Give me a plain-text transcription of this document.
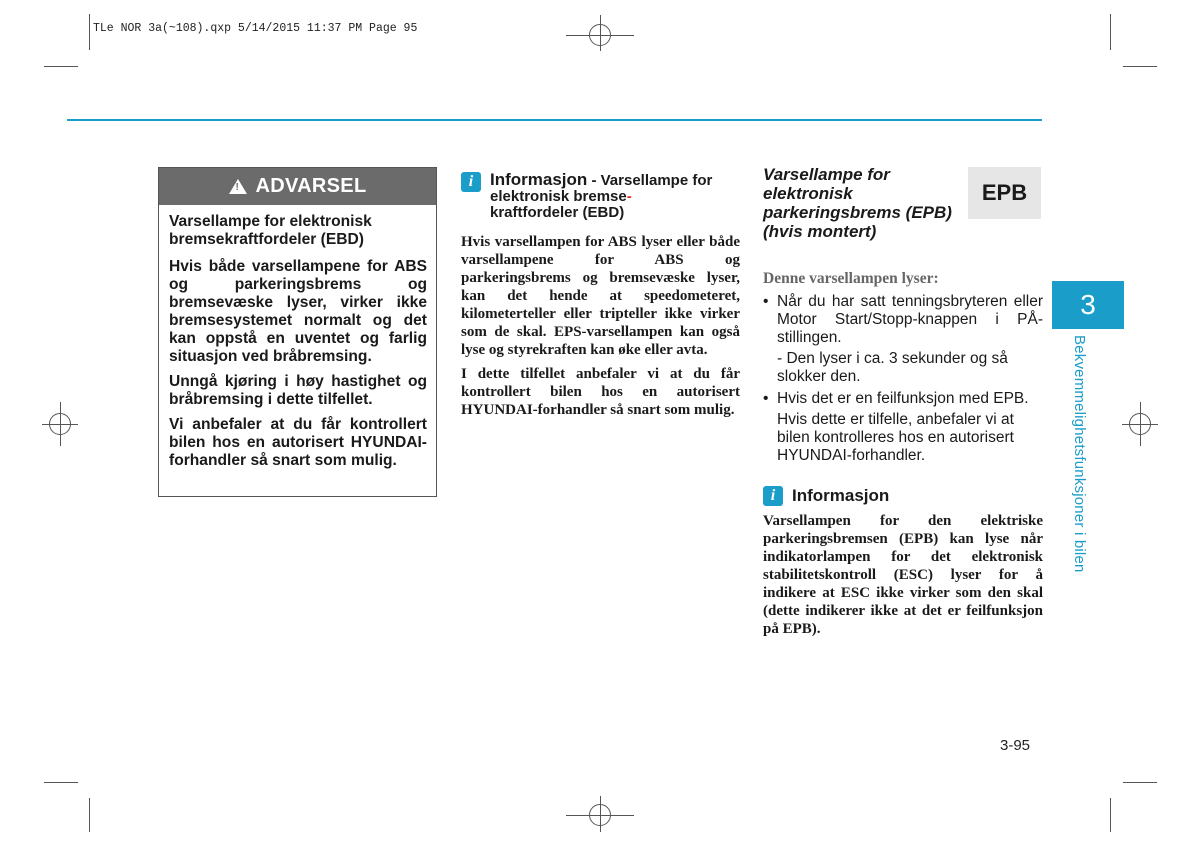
TLe NOR 3a(~108).qxp 5/14/2015 11:37 PM Page 95
! ADVARSEL

Varsellampe for elektronisk bremsekraftfordeler (EBD)

Hvis både varsellampene for ABS og parkeringsbrems og bremsevæske lyser, virker ikke bremsesystemet normalt og det kan oppstå en uventet og farlig situasjon ved bråbremsing.

Unngå kjøring i høy hastighet og bråbremsing i dette tilfellet.

Vi anbefaler at du får kontrollert bilen hos en autorisert HYUNDAI- forhandler så snart som mulig.

i Informasjon - Varsellampe for elektronisk bremse-
kraftfordeler (EBD)

Hvis varsellampen for ABS lyser eller både varsellampene for ABS og parkeringsbrems og bremsevæske lyser, kan det hende at speedometeret, kilometerteller eller tripteller ikke virker som de skal. EPS-varsellampen kan også lyse og styrekraften kan øke eller avta.

I dette tilfellet anbefaler vi at du får kontrollert bilen hos en autorisert HYUNDAI-forhandler så snart som mulig.

EPB
Varsellampe for elektronisk parkeringsbrems (EPB) (hvis montert)
Denne varsellampen lyser:

• Når du har satt tenningsbryteren eller Motor Start/Stopp-knappen i PÅ- stillingen.

- Den lyser i ca. 3 sekunder og så slokker den.

• Hvis det er en feilfunksjon med EPB.

Hvis dette er tilfelle, anbefaler vi at bilen kontrolleres hos en autorisert HYUNDAI-forhandler.

i Informasjon
Varsellampen for den elektriske parkeringsbremsen (EPB) kan lyse når indikatorlampen for det elektronisk stabilitetskontroll (ESC) lyser for å indikere at ESC ikke virker som den skal (dette indikerer ikke at det er feilfunksjon på EPB).
3
Bekvemmelighetsfunksjoner i bilen
3-95
